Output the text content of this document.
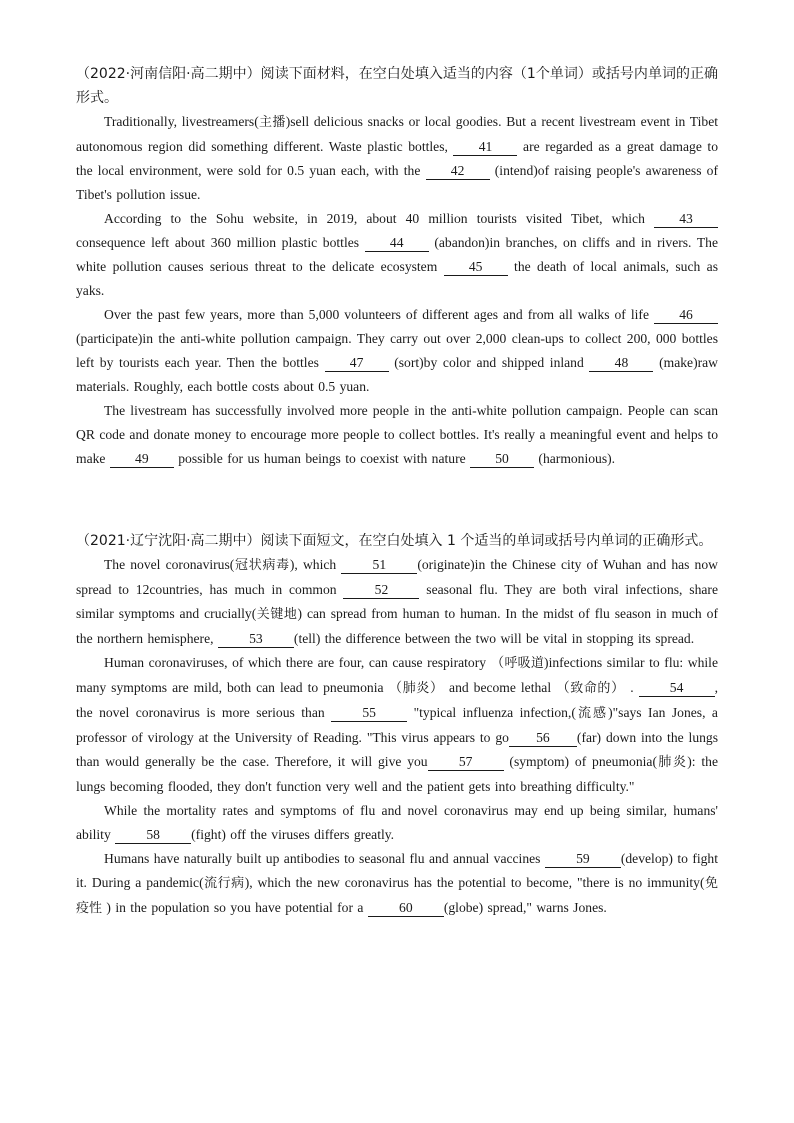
（2022·河南信阳·高二期中）阅读下面材料，在空白处填入适当的内容（1个单词）或括号内单词的正确形式。

Traditionally, livestreamers(主播)sell delicious snacks or local goodies. But a recent livestream event in Tibet autonomous region did something different. Waste plastic bottles, 41 are regarded as a great damage to the local environment, were sold for 0.5 yuan each, with the 42 (intend)of raising people's awareness of Tibet's pollution issue.

According to the Sohu website, in 2019, about 40 million tourists visited Tibet, which 43 consequence left about 360 million plastic bottles 44 (abandon)in branches, on cliffs and in rivers. The white pollution causes serious threat to the delicate ecosystem 45 the death of local animals, such as yaks.

Over the past few years, more than 5,000 volunteers of different ages and from all walks of life 46 (participate)in the anti-white pollution campaign. They carry out over 2,000 clean-ups to collect 200, 000 bottles left by tourists each year. Then the bottles 47 (sort)by color and shipped inland 48 (make)raw materials. Roughly, each bottle costs about 0.5 yuan.

The livestream has successfully involved more people in the anti-white pollution campaign. People can scan QR code and donate money to encourage more people to collect bottles. It's really a meaningful event and helps to make 49 possible for us human beings to coexist with nature 50 (harmonious).

（2021·辽宁沈阳·高二期中）阅读下面短文，在空白处填入 1 个适当的单词或括号内单词的正确形式。

The novel coronavirus(冠状病毒), which 51 (originate)in the Chinese city of Wuhan and has now spread to 12countries, has much in common 52 seasonal flu. They are both viral infections, share similar symptoms and crucially(关键地) can spread from human to human. In the midst of flu season in much of the northern hemisphere, 53 (tell) the difference between the two will be vital in stopping its spread.

Human coronaviruses, of which there are four, can cause respiratory （呼吸道)infections similar to flu: while many symptoms are mild, both can lead to pneumonia （肺炎） and become lethal （致命的） . 54 , the novel coronavirus is more serious than 55 "typical influenza infection,(流感)"says Ian Jones, a professor of virology at the University of Reading. "This virus appears to go 56 (far) down into the lungs than would generally be the case. Therefore, it will give you 57 (symptom) of pneumonia(肺炎): the lungs becoming flooded, they don't function very well and the patient gets into breathing difficulty."

While the mortality rates and symptoms of flu and novel coronavirus may end up being similar, humans' ability 58 (fight) off the viruses differs greatly.

Humans have naturally built up antibodies to seasonal flu and annual vaccines 59 (develop) to fight it. During a pandemic(流行病), which the new coronavirus has the potential to become, "there is no immunity(免疫性 ) in the population so you have potential for a 60 (globe) spread," warns Jones.
